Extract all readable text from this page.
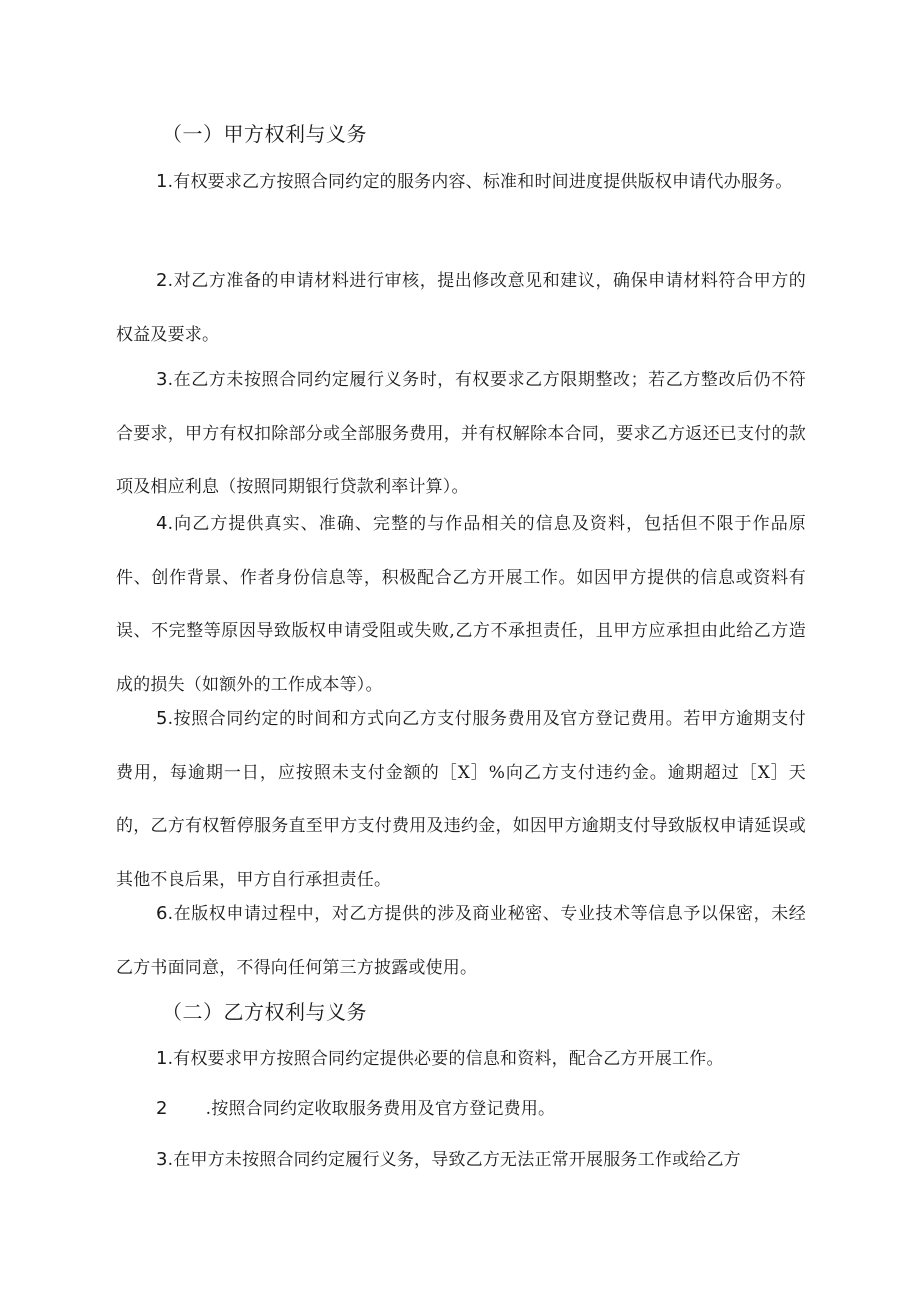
（一）甲方权利与义务
1.有权要求乙方按照合同约定的服务内容、标准和时间进度提供版权申请代办服务。
2.对乙方准备的申请材料进行审核，提出修改意见和建议，确保申请材料符合甲方的权益及要求。
3.在乙方未按照合同约定履行义务时，有权要求乙方限期整改；若乙方整改后仍不符合要求，甲方有权扣除部分或全部服务费用，并有权解除本合同，要求乙方返还已支付的款项及相应利息（按照同期银行贷款利率计算）。
4.向乙方提供真实、准确、完整的与作品相关的信息及资料，包括但不限于作品原件、创作背景、作者身份信息等，积极配合乙方开展工作。如因甲方提供的信息或资料有误、不完整等原因导致版权申请受阻或失败,乙方不承担责任，且甲方应承担由此给乙方造成的损失（如额外的工作成本等）。
5.按照合同约定的时间和方式向乙方支付服务费用及官方登记费用。若甲方逾期支付费用，每逾期一日，应按照未支付金额的［X］%向乙方支付违约金。逾期超过［X］天的，乙方有权暂停服务直至甲方支付费用及违约金，如因甲方逾期支付导致版权申请延误或其他不良后果，甲方自行承担责任。
6.在版权申请过程中，对乙方提供的涉及商业秘密、专业技术等信息予以保密，未经乙方书面同意，不得向任何第三方披露或使用。
（二）乙方权利与义务
1.有权要求甲方按照合同约定提供必要的信息和资料，配合乙方开展工作。
2 .按照合同约定收取服务费用及官方登记费用。
3.在甲方未按照合同约定履行义务，导致乙方无法正常开展服务工作或给乙方
